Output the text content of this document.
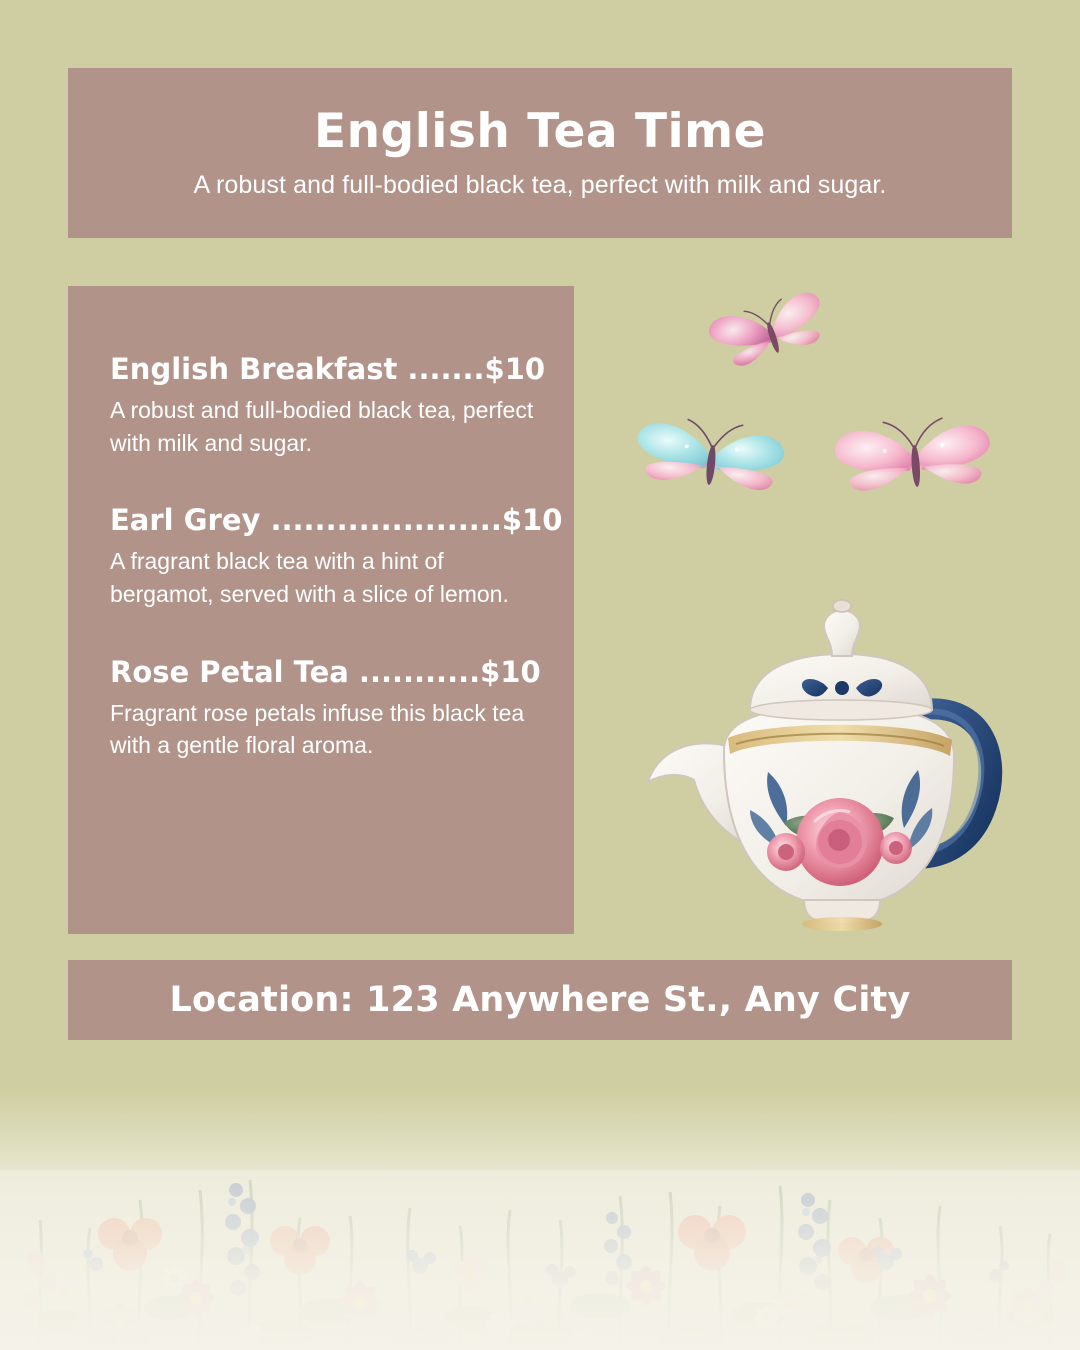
English Tea Time
A robust and full-bodied black tea, perfect with milk and sugar.
English Breakfast .......$10
A robust and full-bodied black tea, perfect with milk and sugar.
Earl Grey .....................$10
A fragrant black tea with a hint of bergamot, served with a slice of lemon.
Rose Petal Tea ...........$10
Fragrant rose petals infuse this black tea with a gentle floral aroma.
Location: 123 Anywhere St., Any City
